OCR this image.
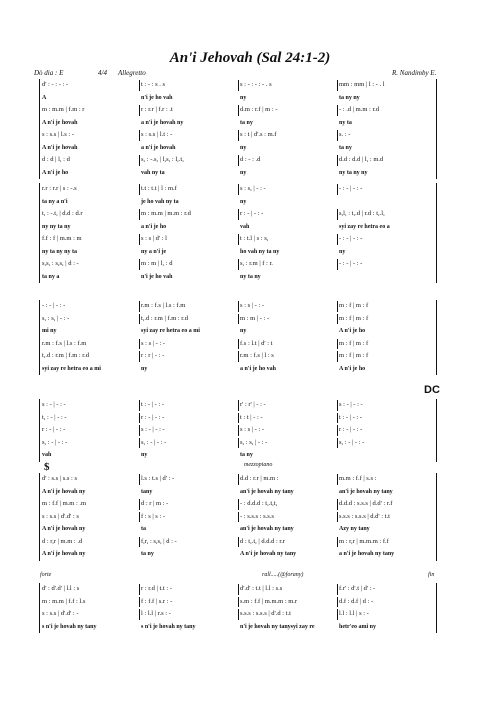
An'i Jehovah (Sal 24:1-2)
Dò dia : E	4/4 Allegretto	R. Nandimby E.
DC
$	mezzopiano
forte	rall.....(@forany)	fin
d' : - : - : -	t : - : s . s	s : - : - : - . s	mm : mm | l : - . l
A	n'i je ho vah	ny	ta ny ny
m : m.m | f.m : r	r : r.r | f.r : .t	d.m : r.f | m : -	- : .d | m.m : r.d
A n'i je hovah	a n'i je hovah ny	ta ny	ny ta
s : s.s | l.s : -	s : s.s | l.t : -	s : t | d'.s : m.f	s. : -
A n'i je hovah	a n'i je hovah	ny	ta ny
d : d | l, : d	s, : -.s, | l,s, : l,.t,	d : - : .d	d.d : d.d | l, : m.d
A n'i je ho	vah ny ta	ny	ny ta ny ny
r.r : r.r | s : -.s	t.t : t.t | l : m.f	s : s, | - : -	- : - | - : -
ta ny a n'i	je ho vah ny ta	ny
t, : -.t, | d.d : d.r	m : m.m | m.m : r.d	r : - | - : -	s,l, : t,.d | r.d : t,.l,
ny ny ta ny	a n'i je ho	vah	syi zay re hetra eo a
f.f : f | m.m : m	s : s | d' : l	t : t.l | s : s,	- : - | - : -
ny ta ny ny ta	ny a n'i je	ho vah ny ta ny	ny
s,s, : s,s, | d : -	m : m | l, : d	s, : r.m | f : r.	- : - | - : -
ta ny a	n'i je ho vah	ny ta ny
- : - | - : -	r.m : f.s | l.s : f.m	s : s | - : -	m : f | m : f
s, : s, | - : -	t,.d : r.m | f.m : r.d	m : m | - : -	m : f | m : f
mi ny	syi zay re hetra eo a mi	ny	A n'i je ho
r.m : f.s | l.s : f.m	s : s | - : -	f.s : l.t | d' : t	m : f | m : f
t,.d : r.m | f.m : r.d	r : r | - : -	r.m : f.s | l : s	m : f | m : f
syi zay re hetra eo a mi	ny	a n'i je ho vah	A n'i je ho
s : - | - : -	t : - | - : -	r' : r' | - : -	s : - | - : -
t, : - | - : -	r : - | - : -	t : t | - : -	t : - | - : -
r : - | - : -	s : - | - : -	s : s | - : -	r : - | - : -
s, : - | - : -	s, : - | - : -	s, : s, | - : -	s, : - | - : -
vah	ny	ta ny
d' : s.s | s.s : s	l.s : t.s | d' : -	d.d : r.r | m.m :	m.m : f.f | s.s :
A n'i je hovah ny	tany	an'i je hovah ny tany	an'i je hovah ny tany
m : f.f | m.m : .m	d : r | m : -	- : d.d.d : t,.t,t,	d.d.d : s.s.s | d.d' : r.f
s : s.s | d'.d' : s	f : s | s : -	- : s.s.s : s.s.s	s.s.s : s.s.s | d.d' : t.t
A n'i je hovah ny	ta	an'i je hovah ny tany	Azy ny tany
d : r,r | m.m : .d	f,r, : s,s, | d : -	d : t,.t, | d.d.d : r.r	m : r,r | m.m.m : f.f
A n'i je hovah ny	ta ny	A n'i je hovah ny tany	a n'i je hovah ny tany
d' : d'.d' | l.l : s	r : r.d | t.t : -	d'.d' : t.t | l.l : s.s	f.r' : d'.t | d' : -
m : m.m | f.f : l.s	f : f.f | s.r : -	s.m : f.f | m.m.m : m.r	d.f : d.f | d : -
s : s.s | d'.d' : -	l : l.l | r.s : -	s.s.s : s.s.s | d'.d : t.t	l.l : l.l | s : -
s n'i je hovah ny tany	s n'i je hovah ny tany	n'i je hovah ny tanysyi zay re	hetr'eo ami ny
